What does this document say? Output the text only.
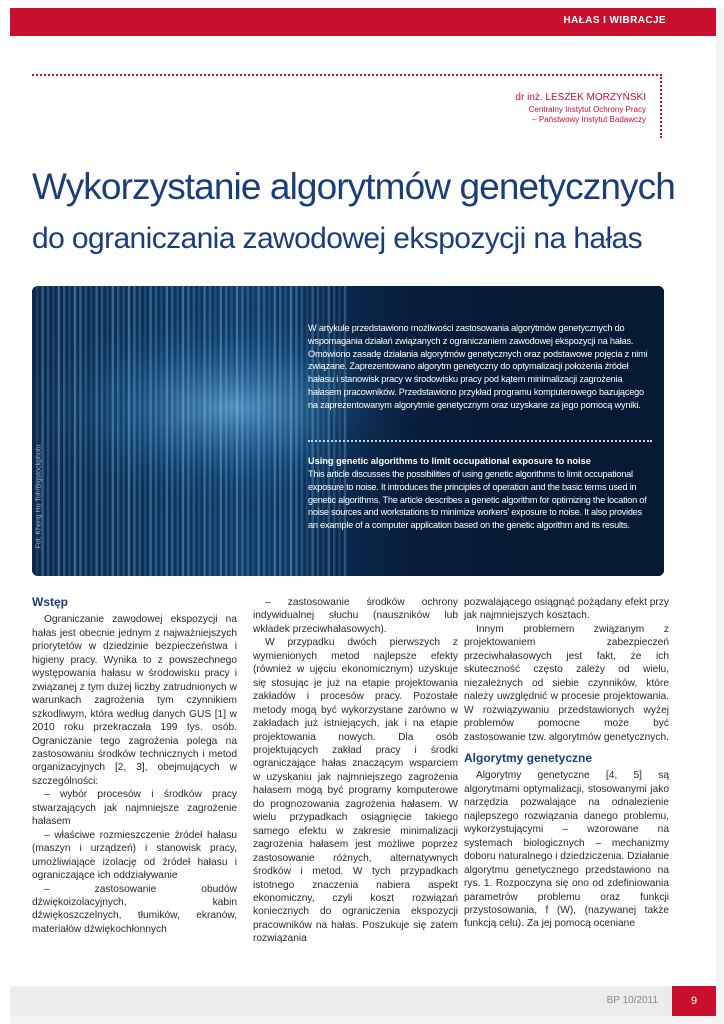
HAŁAS I WIBRACJE
dr inż. LESZEK MORZYŃSKI
Centralny Instytut Ochrony Pracy
– Państwowy Instytut Badawczy
Wykorzystanie algorytmów genetycznych
do ograniczania zawodowej ekspozycji na hałas
W artykule przedstawiono możliwości zastosowania algorytmów genetycznych do wspomagania działań związanych z ograniczaniem zawodowej ekspozycji na hałas. Omówiono zasadę działania algorytmów genetycznych oraz podstawowe pojęcia z nimi związane. Zaprezentowano algorytm genetyczny do optymalizacji położenia źródeł hałasu i stanowisk pracy w środowisku pracy pod kątem minimalizacji zagrożenia hałasem pracowników. Przedstawiono przykład programu komputerowego bazującego na zaprezentowanym algorytmie genetycznym oraz uzyskane za jego pomocą wyniki.
Using genetic algorithms to limit occupational exposure to noise
This article discusses the possibilities of using genetic algorithms to limit occupational exposure to noise. It introduces the principles of operation and the basic terms used in genetic algorithms. The article describes a genetic algorithm for optimizing the location of noise sources and workstations to minimize workers' exposure to noise. It also provides an example of a computer application based on the genetic algorithm and its results.
Fot. Kheng Ho Toh/Bigstockphoto
Wstęp

Ograniczanie zawodowej ekspozycji na hałas jest obecnie jednym z najważniejszych priorytetów w dziedzinie bezpieczeństwa i higieny pracy. Wynika to z powszechnego występowania hałasu w środowisku pracy i związanej z tym dużej liczby zatrudnionych w warunkach zagrożenia tym czynnikiem szkodliwym, która według danych GUS [1] w 2010 roku przekraczała 199 tys. osób. Ograniczanie tego zagrożenia polega na zastosowaniu środków technicznych i metod organizacyjnych [2, 3], obejmujących w szczególności:

– wybór procesów i środków pracy stwarzających jak najmniejsze zagrożenie hałasem

– właściwe rozmieszczenie źródeł hałasu (maszyn i urządzeń) i stanowisk pracy, umożliwiające izolację od źródeł hałasu i ograniczające ich oddziaływanie

– zastosowanie obudów dźwiękoizolacyjnych, kabin dźwiękoszczelnych, tłumików, ekranów, materiałów dźwiękochłonnych

– zastosowanie środków ochrony indywidualnej słuchu (nauszników lub wkładek przeciwhałasowych).

W przypadku dwóch pierwszych z wymienionych metod najlepsze efekty (również w ujęciu ekonomicznym) uzyskuje się stosując je już na etapie projektowania zakładów i procesów pracy. Pozostałe metody mogą być wykorzystane zarówno w zakładach już istniejących, jak i na etapie projektowania nowych. Dla osób projektujących zakład pracy i środki ograniczające hałas znaczącym wsparciem w uzyskaniu jak najmniejszego zagrożenia hałasem mogą być programy komputerowe do prognozowania zagrożenia hałasem. W wielu przypadkach osiągnięcie takiego samego efektu w zakresie minimalizacji zagrożenia hałasem jest możliwe poprzez zastosowanie różnych, alternatywnych środków i metod. W tych przypadkach istotnego znaczenia nabiera aspekt ekonomiczny, czyli koszt rozwiązań koniecznych do ograniczenia ekspozycji pracowników na hałas. Poszukuje się zatem rozwiązania

pozwalającego osiągnąć pożądany efekt przy jak najmniejszych kosztach.

Innym problemem związanym z projektowaniem zabezpieczeń przeciwhałasowych jest fakt, że ich skuteczność często zależy od wielu, niezależnych od siebie czynników, które należy uwzględnić w procesie projektowania. W rozwiązywaniu przedstawionych wyżej problemów pomocne może być zastosowanie tzw. algorytmów genetycznych.

Algorytmy genetyczne

Algorytmy genetyczne [4, 5] są algorytmami optymalizacji, stosowanymi jako narzędzia pozwalające na odnalezienie najlepszego rozwiązania danego problemu, wykorzystującymi – wzorowane na systemach biologicznych – mechanizmy doboru naturalnego i dziedziczenia. Działanie algorytmu genetycznego przedstawiono na rys. 1. Rozpoczyna się ono od zdefiniowania parametrów problemu oraz funkcji przystosowania, f (W), (nazywanej także funkcją celu). Za jej pomocą oceniane

BP 10/2011	9
